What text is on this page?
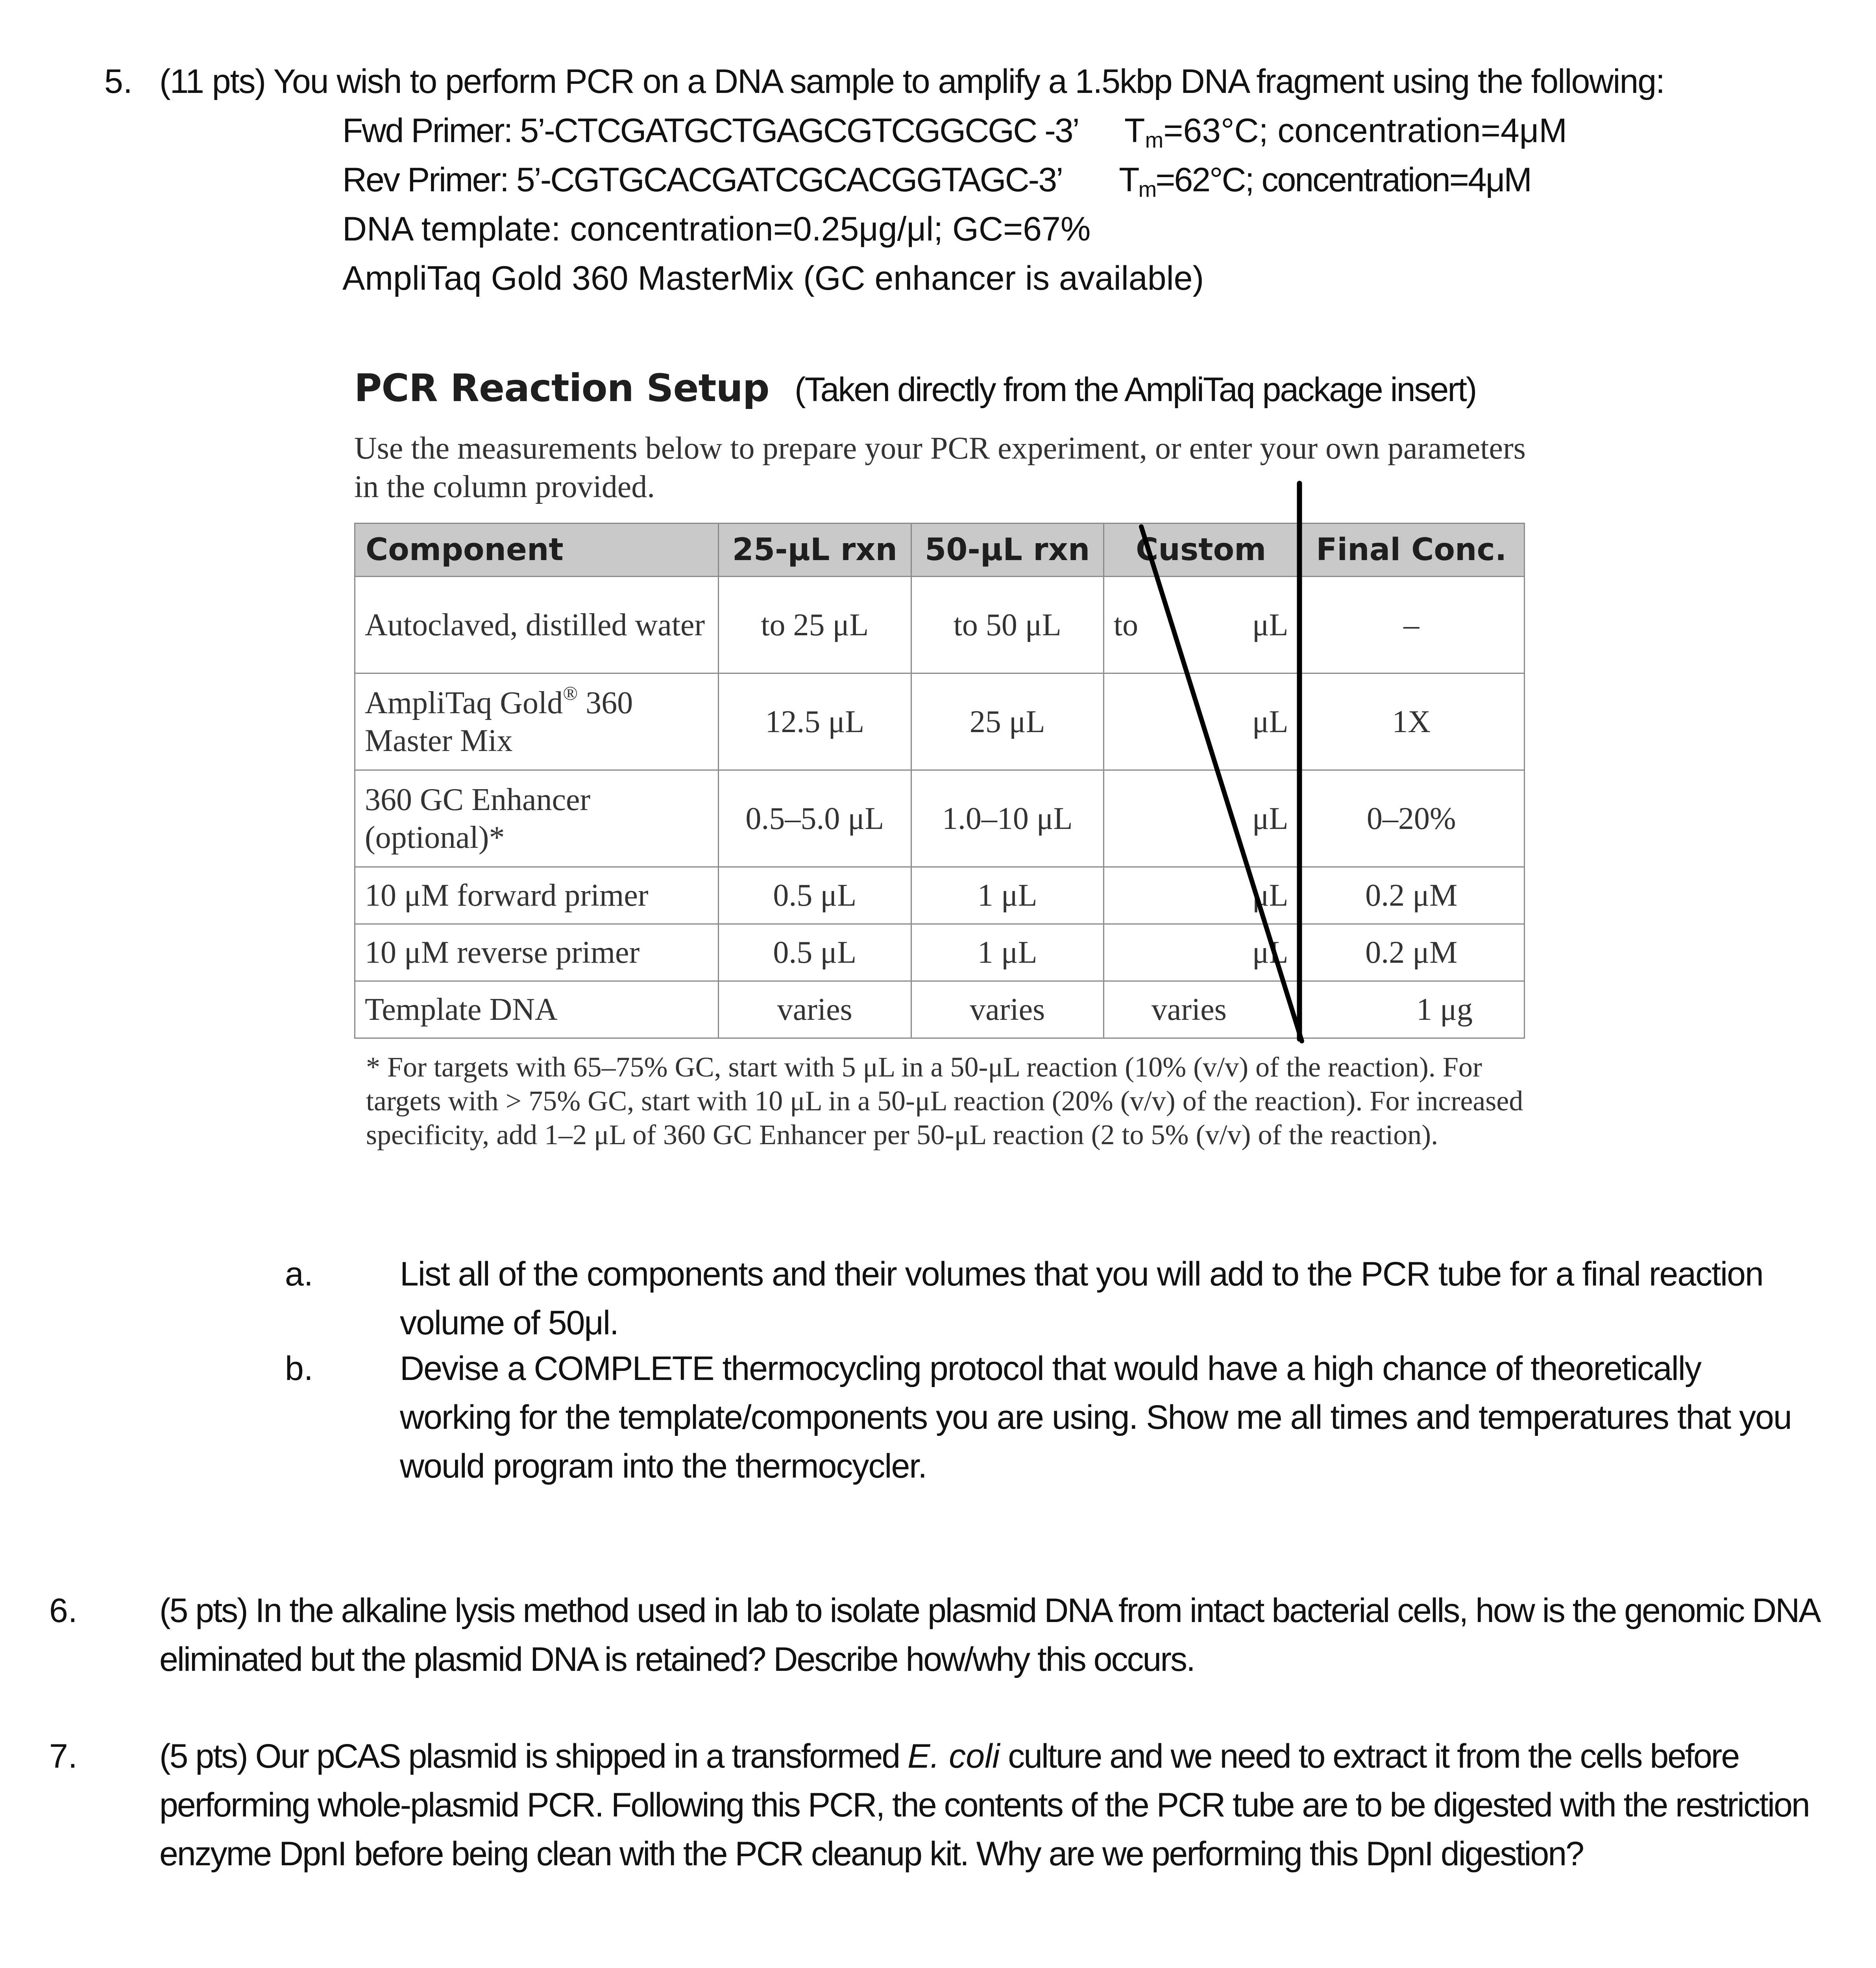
5. (11 pts) You wish to perform PCR on a DNA sample to amplify a 1.5kbp DNA fragment using the following:
Fwd Primer: 5’-CTCGATGCTGAGCGTCGGCGC -3’ $T_m=63^\circ C$; concentration=4μM
Rev Primer: 5’-CGTGCACGATCGCACGGTAGC-3’ $T_m=62^\circ C$; concentration=4μM
DNA template: concentration=0.25μg/μl; GC=67%
AmpliTaq Gold 360 MasterMix (GC enhancer is available)
PCR Reaction Setup (Taken directly from the AmpliTaq package insert)
Use the measurements below to prepare your PCR experiment, or enter your own parameters in the column provided.
Component	25-μL rxn	50-μL rxn	Custom	Final Conc.
Autoclaved, distilled water	to 25 μL	to 50 μL	to μL	–
AmpliTaq Gold® 360 Master Mix	12.5 μL	25 μL	μL	1X
360 GC Enhancer (optional)*	0.5–5.0 μL	1.0–10 μL	μL	0–20%
10 μM forward primer	0.5 μL	1 μL	μL	0.2 μM
10 μM reverse primer	0.5 μL	1 μL	μL	0.2 μM
Template DNA	varies	varies	varies	1 μg
* For targets with 65–75% GC, start with 5 μL in a 50-μL reaction (10% (v/v) of the reaction). For targets with > 75% GC, start with 10 μL in a 50-μL reaction (20% (v/v) of the reaction). For increased specificity, add 1–2 μL of 360 GC Enhancer per 50-μL reaction (2 to 5% (v/v) of the reaction).
a.	List all of the components and their volumes that you will add to the PCR tube for a final reaction volume of 50μl.
b.	Devise a COMPLETE thermocycling protocol that would have a high chance of theoretically working for the template/components you are using. Show me all times and temperatures that you would program into the thermocycler.
6. (5 pts) In the alkaline lysis method used in lab to isolate plasmid DNA from intact bacterial cells, how is the genomic DNA eliminated but the plasmid DNA is retained? Describe how/why this occurs.
7. (5 pts) Our pCAS plasmid is shipped in a transformed E. coli culture and we need to extract it from the cells before performing whole-plasmid PCR. Following this PCR, the contents of the PCR tube are to be digested with the restriction enzyme DpnI before being clean with the PCR cleanup kit. Why are we performing this DpnI digestion?
